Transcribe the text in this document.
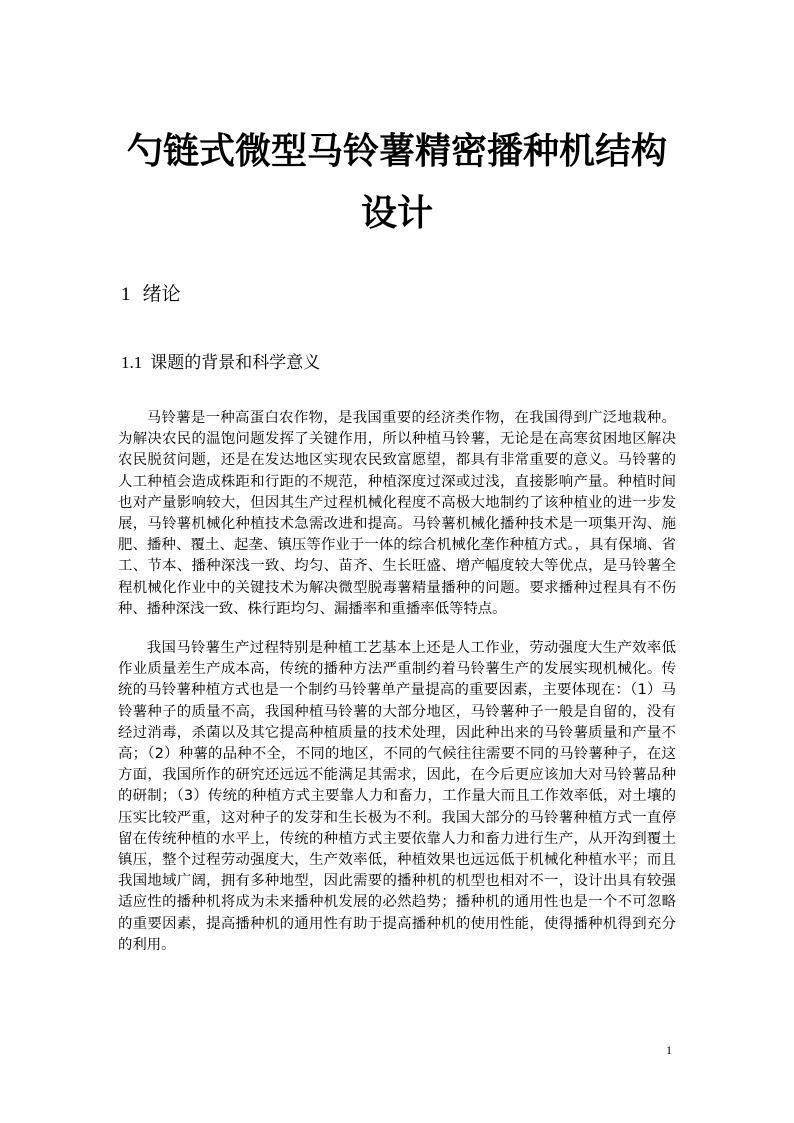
勺链式微型马铃薯精密播种机结构
设计
1 绪论
1.1 课题的背景和科学意义

马铃薯是一种高蛋白农作物，是我国重要的经济类作物，在我国得到广泛地栽种。为解决农民的温饱问题发挥了关键作用，所以种植马铃薯，无论是在高寒贫困地区解决农民脱贫问题，还是在发达地区实现农民致富愿望，都具有非常重要的意义。马铃薯的人工种植会造成株距和行距的不规范，种植深度过深或过浅，直接影响产量。种植时间也对产量影响较大，但因其生产过程机械化程度不高极大地制约了该种植业的进一步发展，马铃薯机械化种植技术急需改进和提高。马铃薯机械化播种技术是一项集开沟、施肥、播种、覆土、起垄、镇压等作业于一体的综合机械化垄作种植方式。，具有保墒、省工、节本、播种深浅一致、均匀、苗齐、生长旺盛、增产幅度较大等优点，是马铃薯全程机械化作业中的关键技术为解决微型脱毒薯精量播种的问题。要求播种过程具有不伤种、播种深浅一致、株行距均匀、漏播率和重播率低等特点。

我国马铃薯生产过程特别是种植工艺基本上还是人工作业，劳动强度大生产效率低作业质量差生产成本高，传统的播种方法严重制约着马铃薯生产的发展实现机械化。传统的马铃薯种植方式也是一个制约马铃薯单产量提高的重要因素，主要体现在：（1）马铃薯种子的质量不高，我国种植马铃薯的大部分地区，马铃薯种子一般是自留的，没有经过消毒，杀菌以及其它提高种植质量的技术处理，因此种出来的马铃薯质量和产量不高；（2）种薯的品种不全，不同的地区，不同的气候往往需要不同的马铃薯种子，在这方面，我国所作的研究还远远不能满足其需求，因此，在今后更应该加大对马铃薯品种的研制；（3）传统的种植方式主要靠人力和畜力，工作量大而且工作效率低，对土壤的压实比较严重，这对种子的发芽和生长极为不利。我国大部分的马铃薯种植方式一直停留在传统种植的水平上，传统的种植方式主要依靠人力和畜力进行生产，从开沟到覆土镇压，整个过程劳动强度大，生产效率低，种植效果也远远低于机械化种植水平；而且我国地域广阔，拥有多种地型，因此需要的播种机的机型也相对不一，设计出具有较强适应性的播种机将成为未来播种机发展的必然趋势；播种机的通用性也是一个不可忽略的重要因素，提高播种机的通用性有助于提高播种机的使用性能，使得播种机得到充分的利用。

1
